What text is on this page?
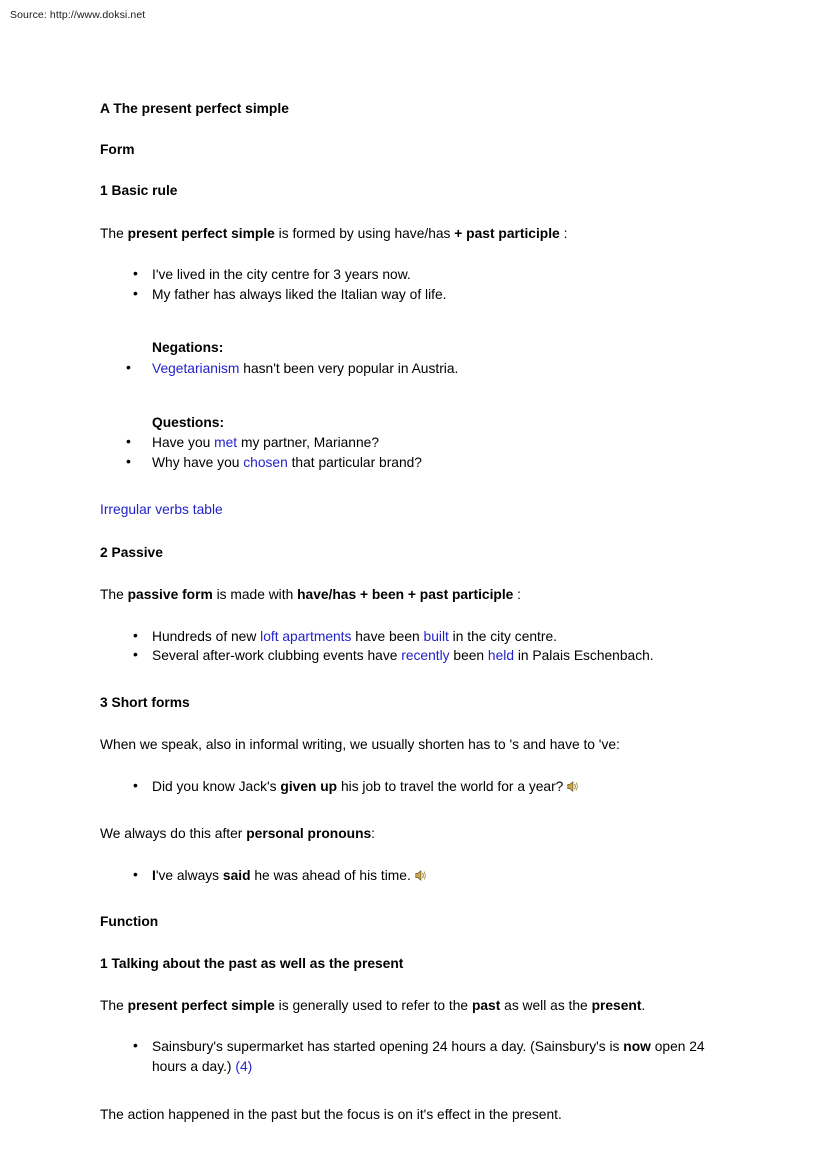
Source: http://www.doksi.net
A The present perfect simple
Form
1 Basic rule

The present perfect simple is formed by using have/has + past participle :

• I've lived in the city centre for 3 years now.
• My father has always liked the Italian way of life.
Negations:
• Vegetarianism hasn't been very popular in Austria.
Questions:
• Have you met my partner, Marianne?
• Why have you chosen that particular brand?
Irregular verbs table
2 Passive

The passive form is made with have/has + been + past participle :

• Hundreds of new loft apartments have been built in the city centre.
• Several after-work clubbing events have recently been held in Palais Eschenbach.
3 Short forms

When we speak, also in informal writing, we usually shorten has to 's and have to 've:

• Did you know Jack's given up his job to travel the world for a year?

We always do this after personal pronouns:

• I've always said he was ahead of his time.
Function
1 Talking about the past as well as the present

The present perfect simple is generally used to refer to the past as well as the present.

• Sainsbury's supermarket has started opening 24 hours a day. (Sainsbury's is now open 24 hours a day.) (4)

The action happened in the past but the focus is on it's effect in the present.
